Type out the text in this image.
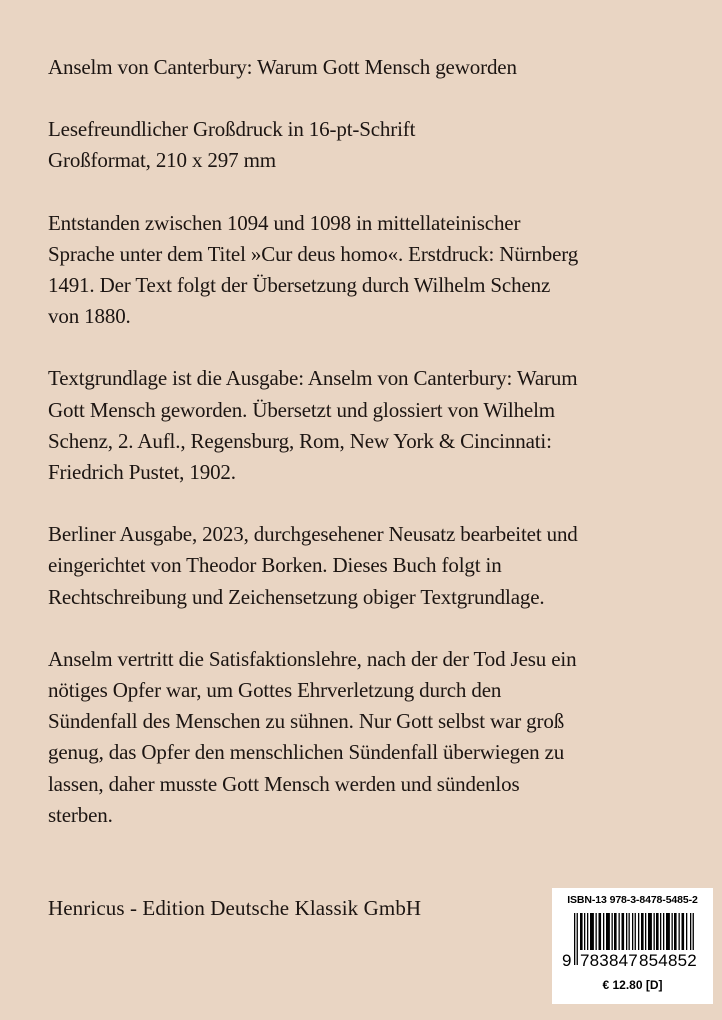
Anselm von Canterbury: Warum Gott Mensch geworden

Lesefreundlicher Großdruck in 16-pt-Schrift
Großformat, 210 x 297 mm

Entstanden zwischen 1094 und 1098 in mittellateinischer
Sprache unter dem Titel »Cur deus homo«. Erstdruck: Nürnberg
1491. Der Text folgt der Übersetzung durch Wilhelm Schenz
von 1880.

Textgrundlage ist die Ausgabe: Anselm von Canterbury: Warum
Gott Mensch geworden. Übersetzt und glossiert von Wilhelm
Schenz, 2. Aufl., Regensburg, Rom, New York & Cincinnati:
Friedrich Pustet, 1902.

Berliner Ausgabe, 2023, durchgesehener Neusatz bearbeitet und
eingerichtet von Theodor Borken. Dieses Buch folgt in
Rechtschreibung und Zeichensetzung obiger Textgrundlage.

Anselm vertritt die Satisfaktionslehre, nach der der Tod Jesu ein
nötiges Opfer war, um Gottes Ehrverletzung durch den
Sündenfall des Menschen zu sühnen. Nur Gott selbst war groß
genug, das Opfer den menschlichen Sündenfall überwiegen zu
lassen, daher musste Gott Mensch werden und sündenlos
sterben.

Henricus - Edition Deutsche Klassik GmbH	ISBN-13 978-3-8478-5485-2
9 783847 854852
€ 12.80 [D]
